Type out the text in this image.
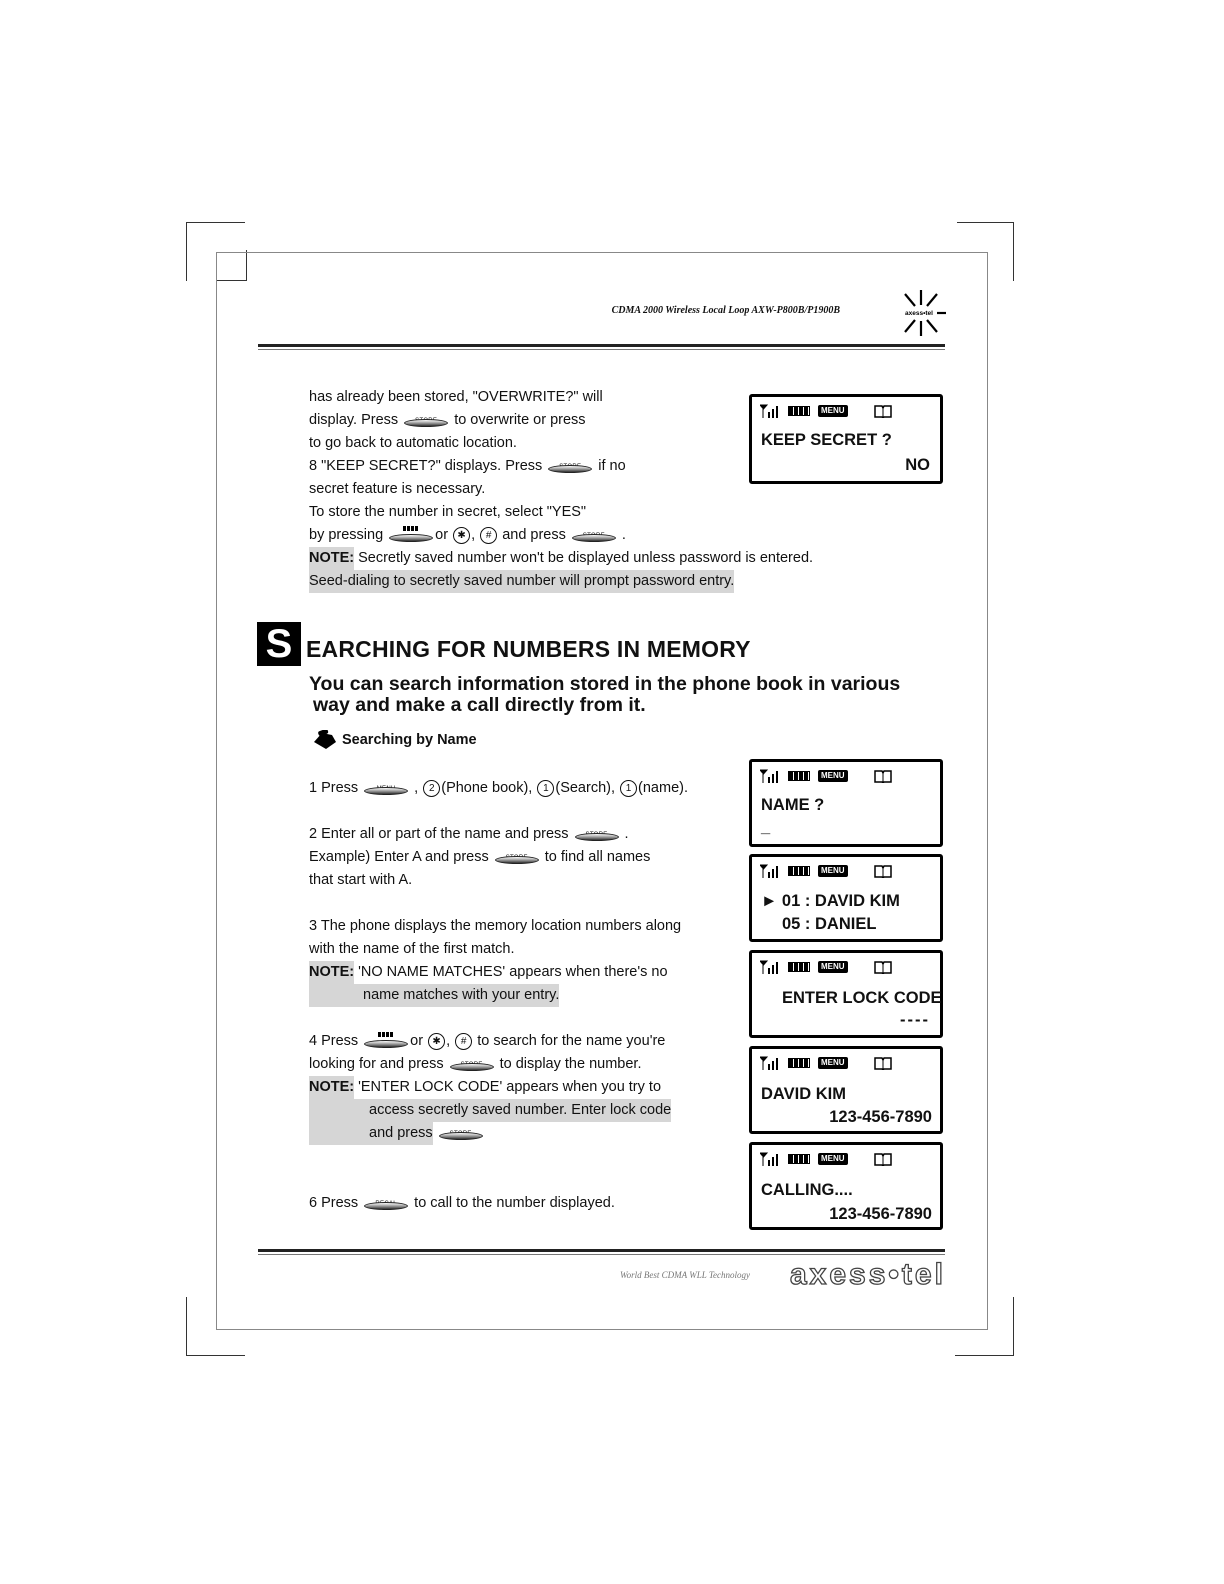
CDMA 2000 Wireless Local Loop AXW-P800B/P1900B	axess•tel
has already been stored, "OVERWRITE?" will
display. Press	to overwrite or press
to go back to automatic location.
8 "KEEP SECRET?" displays. Press	if no
secret feature is necessary.
To store the number in secret, select "YES"
by pressing	or
✱ ,
	#
and press	.
NOTE: Secretly saved number won't be displayed unless password is entered.
Seed-dialing to secretly saved number will prompt password entry.
MENU
KEEP SECRET ?
NO
S EARCHING FOR NUMBERS IN MEMORY
You can search information stored in the phone book in various
way and make a call directly from it.
Searching by Name
1 Press	,
	2 (Phone book),
	1 (Search),
	1 (name).
2 Enter all or part of the name and press	.
Example) Enter A and press	to find all names
that start with A.
3 The phone displays the memory location numbers along
with the name of the first match.
NOTE: 'NO NAME MATCHES' appears when there's no
name matches with your entry.
4 Press	or
✱ ,
	#
to search for the name you're
looking for and press	to display the number.
NOTE: 'ENTER LOCK CODE' appears when you try to
access secretly saved number. Enter lock code
and press
6 Press	to call to the number displayed.
MENU
NAME ?
_
MENU
► 01 : DAVID KIM
05 : DANIEL
MENU
ENTER LOCK CODE
----
MENU
DAVID KIM
123-456-7890
MENU
CALLING....
123-456-7890
World Best CDMA WLL Technology axess•tel
